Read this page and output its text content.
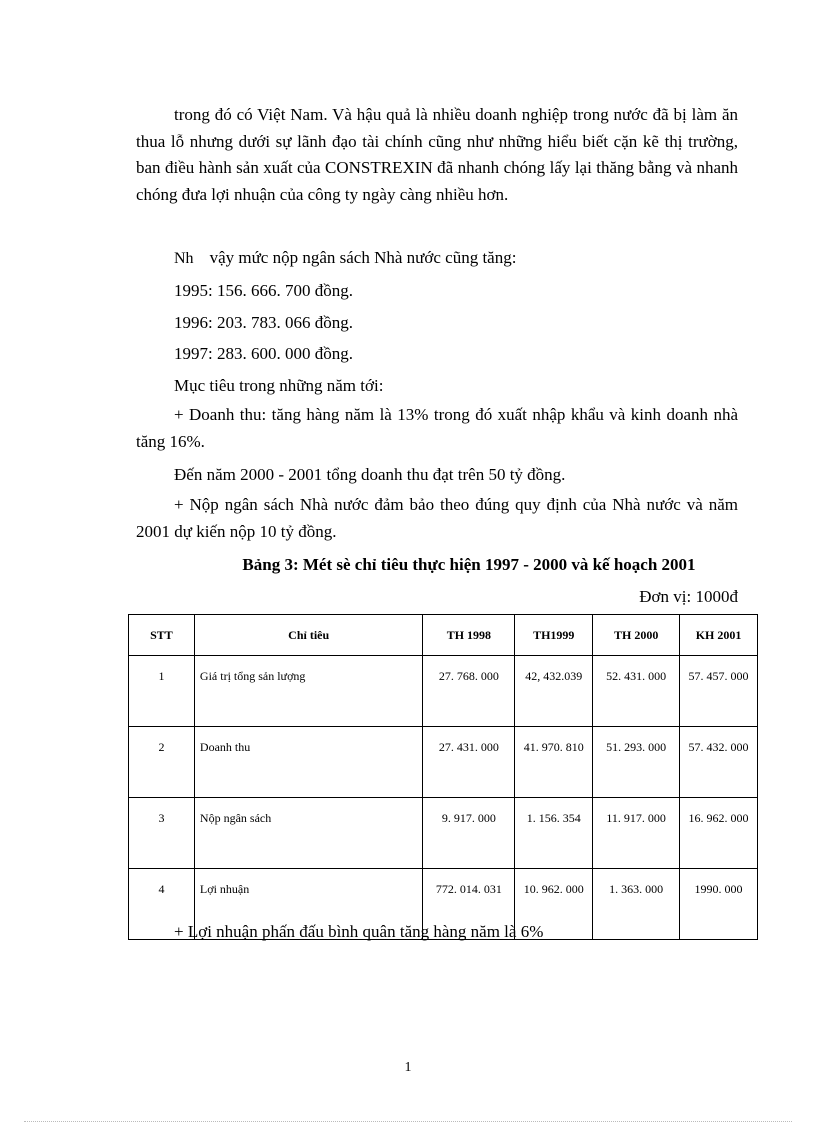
trong đó có Việt Nam. Và hậu quả là nhiều doanh nghiệp trong nước đã bị làm ăn thua lỗ nhưng dưới sự lãnh đạo tài chính cũng như những hiểu biết cặn kẽ thị trường, ban điều hành sản xuất của CONSTREXIN đã nhanh chóng lấy lại thăng bằng và nhanh chóng đưa lợi nhuận của công ty ngày càng nhiều hơn.

Nh vậy mức nộp ngân sách Nhà nước cũng tăng:

1995: 156. 666. 700 đồng.

1996: 203. 783. 066 đồng.

1997: 283. 600. 000 đồng.

Mục tiêu trong những năm tới:

+ Doanh thu: tăng hàng năm là 13% trong đó xuất nhập khẩu và kinh doanh nhà tăng 16%.

Đến năm 2000 - 2001 tổng doanh thu đạt trên 50 tỷ đồng.

+ Nộp ngân sách Nhà nước đảm bảo theo đúng quy định của Nhà nước và năm 2001 dự kiến nộp 10 tỷ đồng.

Bảng 3: Mét sè chỉ tiêu thực hiện 1997 - 2000 và kế hoạch 2001

Đơn vị: 1000đ

STT	Chỉ tiêu	TH 1998	TH1999	TH 2000	KH 2001
1	Giá trị tổng sản lượng	27. 768. 000	42, 432.039	52. 431. 000	57. 457. 000
2	Doanh thu	27. 431. 000	41. 970. 810	51. 293. 000	57. 432. 000
3	Nộp ngân sách	9. 917. 000	1. 156. 354	11. 917. 000	16. 962. 000
4	Lợi nhuận	772. 014. 031	10. 962. 000	1. 363. 000	1990. 000

+ Lợi nhuận phấn đấu bình quân tăng hàng năm là 6%

1
